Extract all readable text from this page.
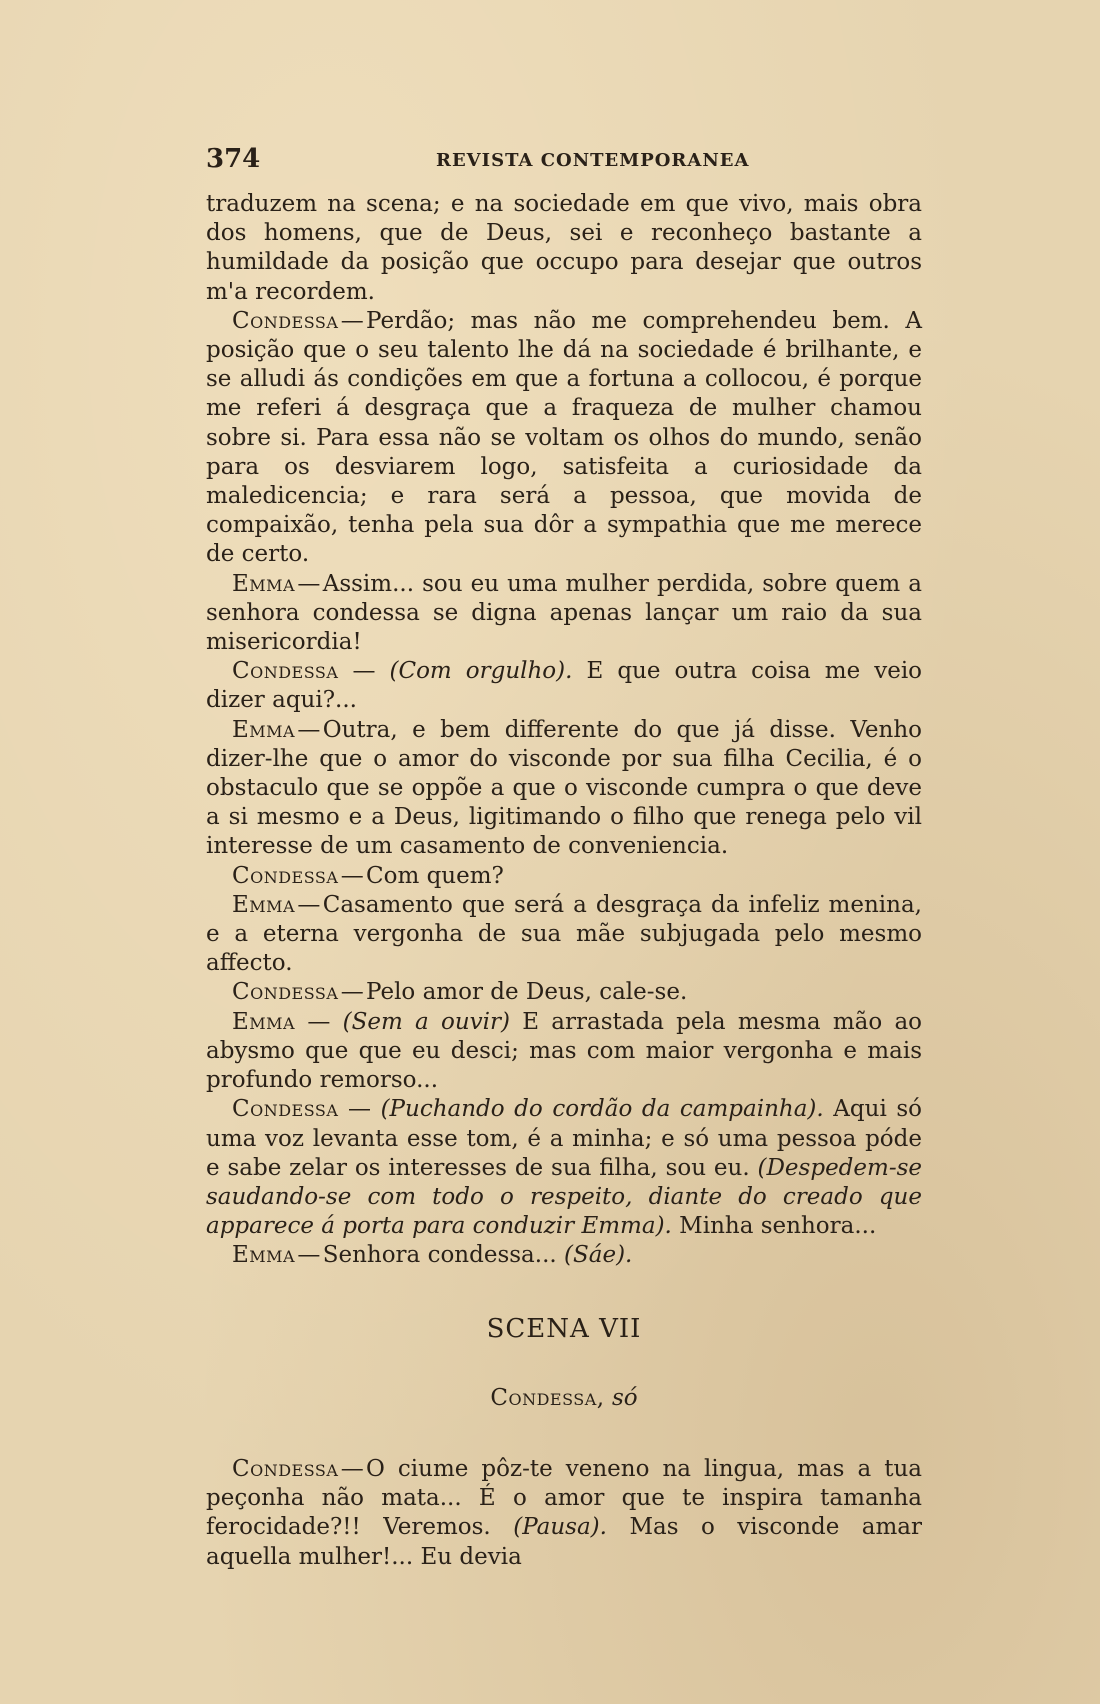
374	REVISTA CONTEMPORANEA

traduzem na scena; e na sociedade em que vivo, mais obra dos homens, que de Deus, sei e reconheço bastante a humildade da posição que occupo para desejar que outros m'a recordem.

Condessa — Perdão; mas não me comprehendeu bem. A posição que o seu talento lhe dá na sociedade é brilhante, e se alludi ás condições em que a fortuna a collocou, é porque me referi á desgraça que a fraqueza de mulher chamou sobre si. Para essa não se voltam os olhos do mundo, senão para os desviarem logo, satisfeita a curiosidade da maledicencia; e rara será a pessoa, que movida de compaixão, tenha pela sua dôr a sympathia que me merece de certo.

Emma — Assim... sou eu uma mulher perdida, sobre quem a senhora condessa se digna apenas lançar um raio da sua misericordia!

Condessa — (Com orgulho). E que outra coisa me veio dizer aqui?...

Emma — Outra, e bem differente do que já disse. Venho dizer-lhe que o amor do visconde por sua filha Cecilia, é o obstaculo que se oppõe a que o visconde cumpra o que deve a si mesmo e a Deus, ligitimando o filho que renega pelo vil interesse de um casamento de conveniencia.

Condessa — Com quem?

Emma — Casamento que será a desgraça da infeliz menina, e a eterna vergonha de sua mãe subjugada pelo mesmo affecto.

Condessa — Pelo amor de Deus, cale-se.

Emma — (Sem a ouvir) E arrastada pela mesma mão ao abysmo que que eu desci; mas com maior vergonha e mais profundo remorso...

Condessa — (Puchando do cordão da campainha). Aqui só uma voz levanta esse tom, é a minha; e só uma pessoa póde e sabe zelar os interesses de sua filha, sou eu. (Despedem-se saudando-se com todo o respeito, diante do creado que apparece á porta para conduzir Emma). Minha senhora...

Emma — Senhora condessa... (Sáe).

SCENA VII
Condessa, só

Condessa — O ciume pôz-te veneno na lingua, mas a tua peçonha não mata... É o amor que te inspira tamanha ferocidade?!! Veremos. (Pausa). Mas o visconde amar aquella mulher!... Eu devia
